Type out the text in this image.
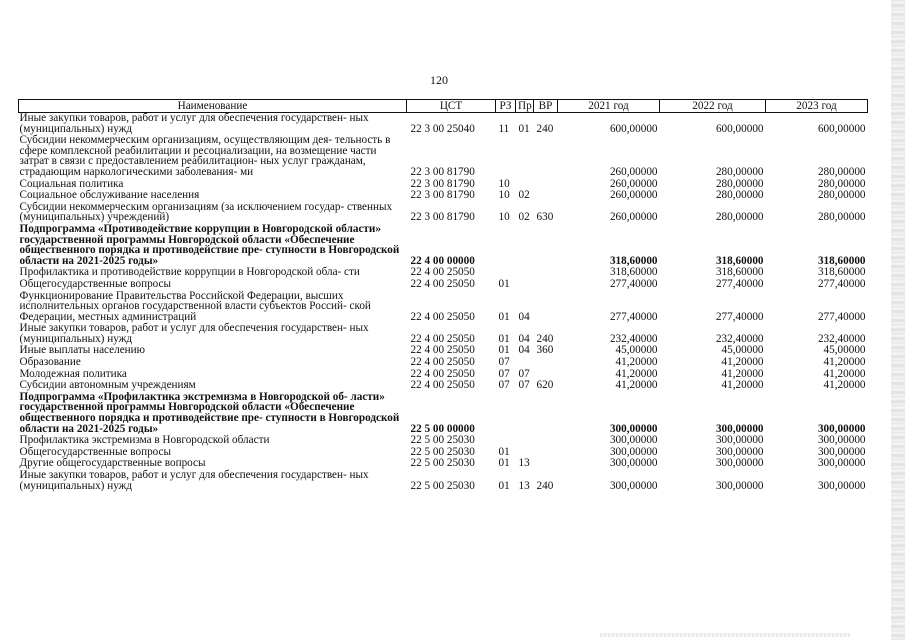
120
Наименование	ЦСТ	РЗ	Пр	ВР	2021 год	2022 год	2023 год
Иные закупки товаров, работ и услуг для обеспечения государствен- ных (муниципальных) нужд	22 3 00 25040	11	01	240	600,00000	600,00000	600,00000
Субсидии некоммерческим организациям, осуществляющим дея- тельность в сфере комплексной реабилитации и ресоциализации, на возмещение части затрат в связи с предоставлением реабилитацион- ных услуг гражданам, страдающим наркологическими заболевания- ми	22 3 00 81790				260,00000	280,00000	280,00000
Социальная политика	22 3 00 81790	10			260,00000	280,00000	280,00000
Социальное обслуживание населения	22 3 00 81790	10	02		260,00000	280,00000	280,00000
Субсидии некоммерческим организациям (за исключением государ- ственных (муниципальных) учреждений)	22 3 00 81790	10	02	630	260,00000	280,00000	280,00000
Подпрограмма «Противодействие коррупции в Новгородской области» государственной программы Новгородской области «Обеспечение общественного порядка и противодействие пре- ступности в Новгородской области на 2021-2025 годы»	22 4 00 00000				318,60000	318,60000	318,60000
Профилактика и противодействие коррупции в Новгородской обла- сти	22 4 00 25050				318,60000	318,60000	318,60000
Общегосударственные вопросы	22 4 00 25050	01			277,40000	277,40000	277,40000
Функционирование Правительства Российской Федерации, высших исполнительных органов государственной власти субъектов Россий- ской Федерации, местных администраций	22 4 00 25050	01	04		277,40000	277,40000	277,40000
Иные закупки товаров, работ и услуг для обеспечения государствен- ных (муниципальных) нужд	22 4 00 25050	01	04	240	232,40000	232,40000	232,40000
Иные выплаты населению	22 4 00 25050	01	04	360	45,00000	45,00000	45,00000
Образование	22 4 00 25050	07			41,20000	41,20000	41,20000
Молодежная политика	22 4 00 25050	07	07		41,20000	41,20000	41,20000
Субсидии автономным учреждениям	22 4 00 25050	07	07	620	41,20000	41,20000	41,20000
Подпрограмма «Профилактика экстремизма в Новгородской об- ласти» государственной программы Новгородской области «Обеспечение общественного порядка и противодействие пре- ступности в Новгородской области на 2021-2025 годы»	22 5 00 00000				300,00000	300,00000	300,00000
Профилактика экстремизма в Новгородской области	22 5 00 25030				300,00000	300,00000	300,00000
Общегосударственные вопросы	22 5 00 25030	01			300,00000	300,00000	300,00000
Другие общегосударственные вопросы	22 5 00 25030	01	13		300,00000	300,00000	300,00000
Иные закупки товаров, работ и услуг для обеспечения государствен- ных (муниципальных) нужд	22 5 00 25030	01	13	240	300,00000	300,00000	300,00000
